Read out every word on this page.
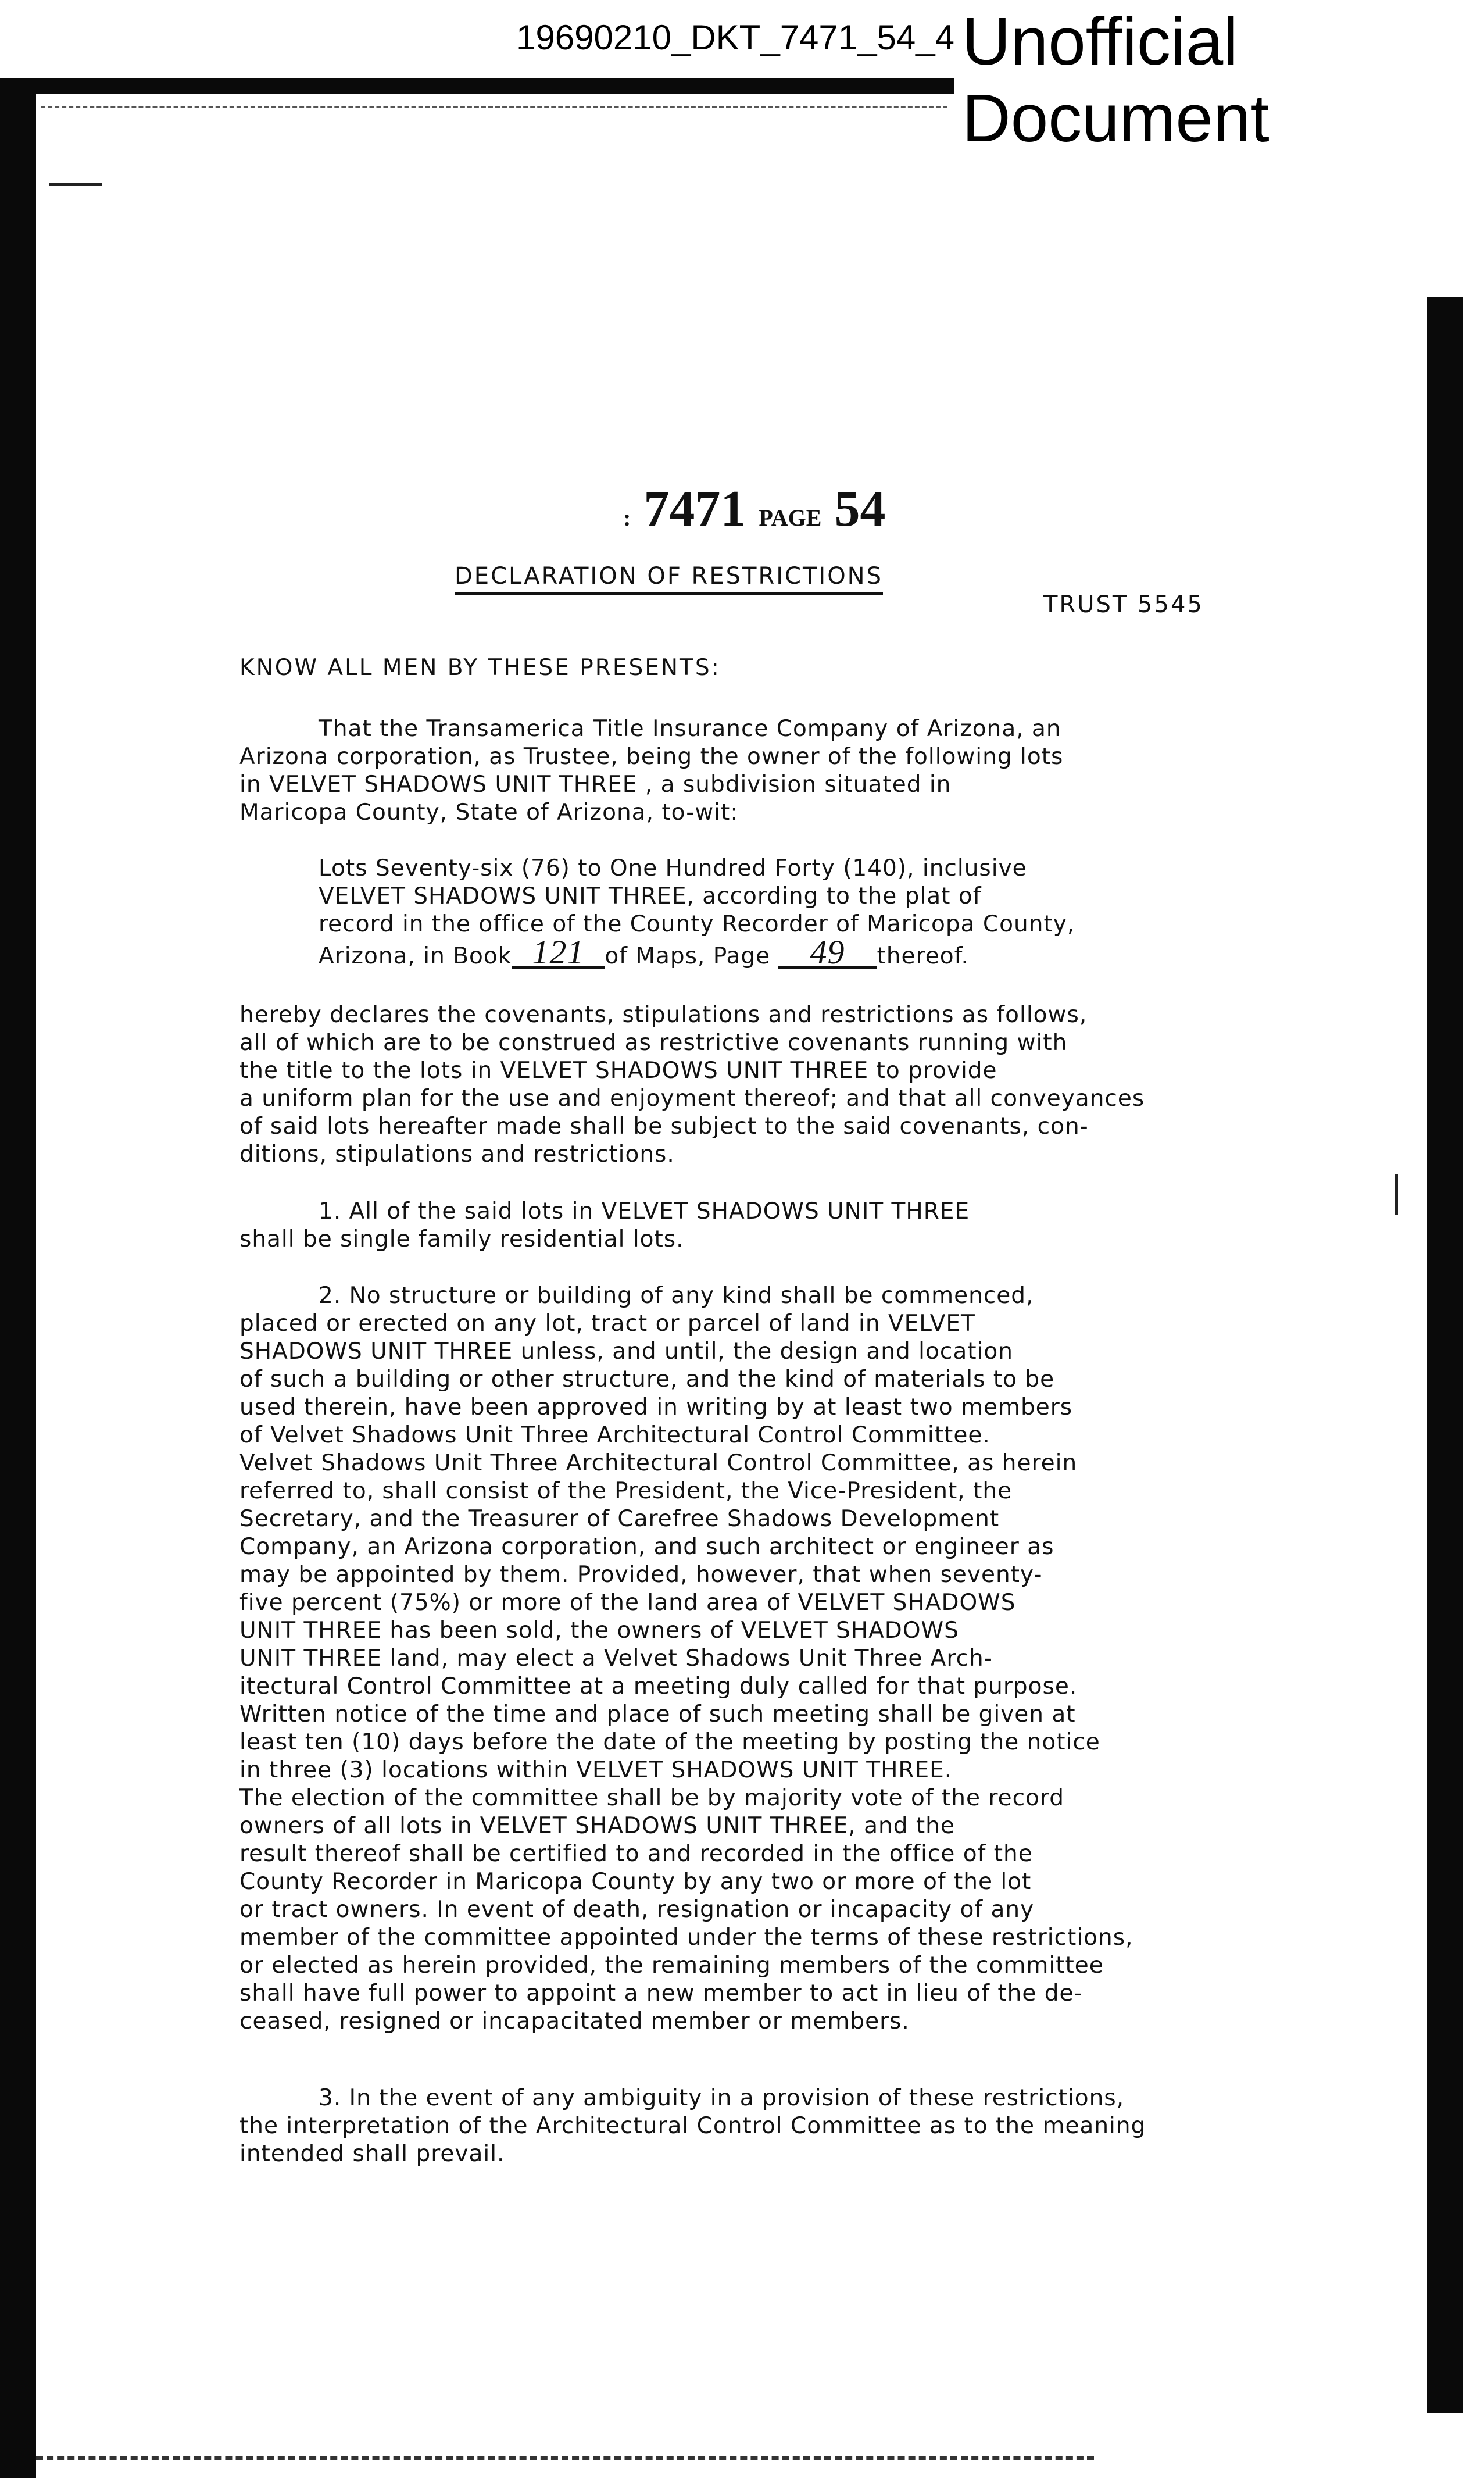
19690210_DKT_7471_54_4 Unofficial
Document
: 7471 PAGE 54
DECLARATION OF RESTRICTIONS
TRUST 5545
KNOW ALL MEN BY THESE PRESENTS:
That the Transamerica Title Insurance Company of Arizona, an
Arizona corporation, as Trustee, being the owner of the following lots
in VELVET SHADOWS UNIT THREE , a subdivision situated in
Maricopa County, State of Arizona, to-wit:
Lots Seventy-six (76) to One Hundred Forty (140), inclusive
VELVET SHADOWS UNIT THREE, according to the plat of
record in the office of the County Recorder of Maricopa County,
Arizona, in Book 121 of Maps, Page 49 thereof.
hereby declares the covenants, stipulations and restrictions as follows,
all of which are to be construed as restrictive covenants running with
the title to the lots in VELVET SHADOWS UNIT THREE to provide
a uniform plan for the use and enjoyment thereof; and that all conveyances
of said lots hereafter made shall be subject to the said covenants, con-
ditions, stipulations and restrictions.
1. All of the said lots in VELVET SHADOWS UNIT THREE
shall be single family residential lots.
2. No structure or building of any kind shall be commenced,
placed or erected on any lot, tract or parcel of land in VELVET
SHADOWS UNIT THREE unless, and until, the design and location
of such a building or other structure, and the kind of materials to be
used therein, have been approved in writing by at least two members
of Velvet Shadows Unit Three Architectural Control Committee.
Velvet Shadows Unit Three Architectural Control Committee, as herein
referred to, shall consist of the President, the Vice-President, the
Secretary, and the Treasurer of Carefree Shadows Development
Company, an Arizona corporation, and such architect or engineer as
may be appointed by them. Provided, however, that when seventy-
five percent (75%) or more of the land area of VELVET SHADOWS
UNIT THREE has been sold, the owners of VELVET SHADOWS
UNIT THREE land, may elect a Velvet Shadows Unit Three Arch-
itectural Control Committee at a meeting duly called for that purpose.
Written notice of the time and place of such meeting shall be given at
least ten (10) days before the date of the meeting by posting the notice
in three (3) locations within VELVET SHADOWS UNIT THREE.
The election of the committee shall be by majority vote of the record
owners of all lots in VELVET SHADOWS UNIT THREE, and the
result thereof shall be certified to and recorded in the office of the
County Recorder in Maricopa County by any two or more of the lot
or tract owners. In event of death, resignation or incapacity of any
member of the committee appointed under the terms of these restrictions,
or elected as herein provided, the remaining members of the committee
shall have full power to appoint a new member to act in lieu of the de-
ceased, resigned or incapacitated member or members.
3. In the event of any ambiguity in a provision of these restrictions,
the interpretation of the Architectural Control Committee as to the meaning
intended shall prevail.
